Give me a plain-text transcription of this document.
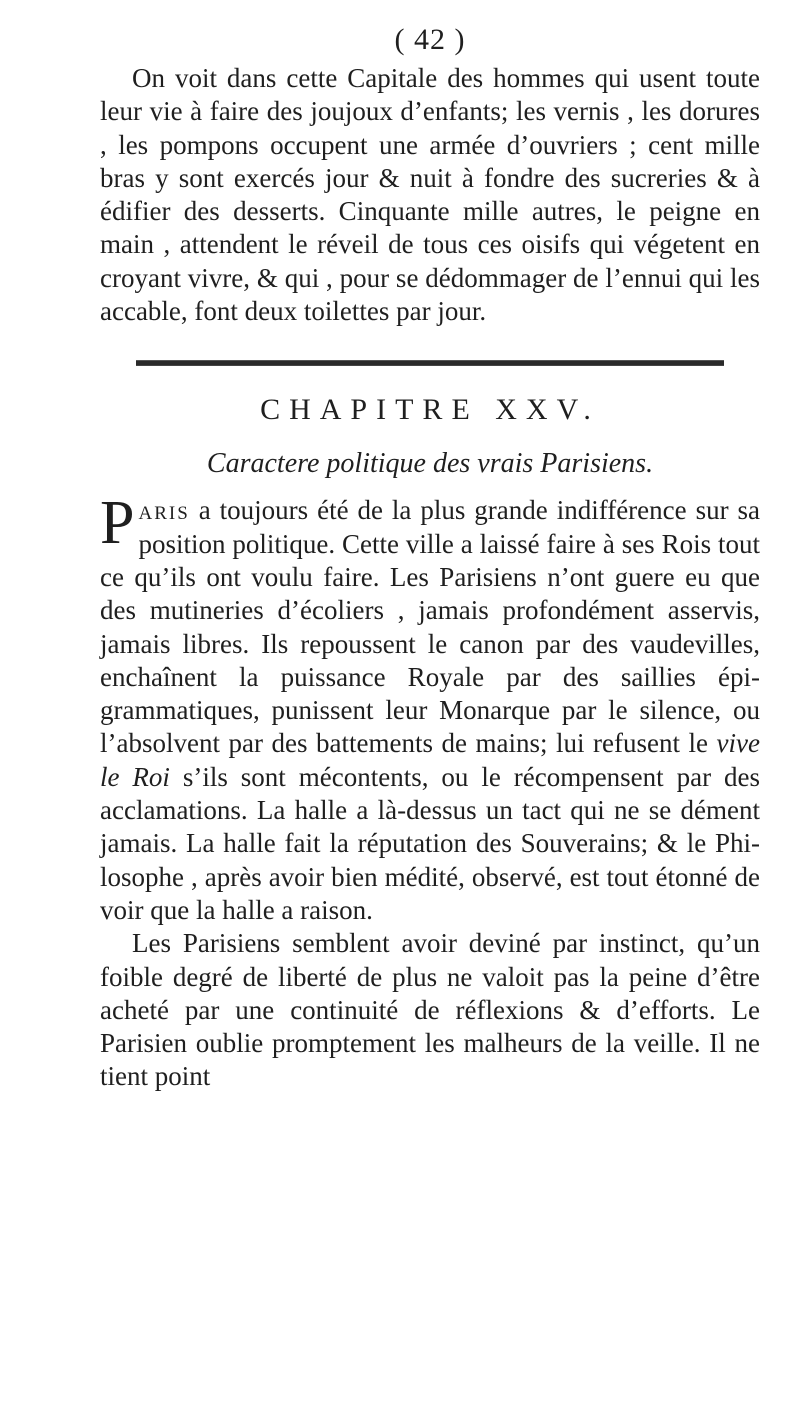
( 42 )

On voit dans cette Capitale des hommes qui usent toute leur vie à faire des joujoux d’enfants; les vernis , les dorures , les pompons occupent une armée d’ouvriers ; cent mille bras y sont exercés jour & nuit à fondre des sucreries & à édifier des desserts. Cinquante mille autres, le peigne en main , attendent le réveil de tous ces oisifs qui végetent en croyant vivre, & qui , pour se dédommager de l’ennui qui les accable, font deux toilettes par jour.

CHAPITRE XXV.
Caractere politique des vrais Parisiens.

Paris a toujours été de la plus grande indifférence sur sa position politique. Cette ville a laissé faire à ses Rois tout ce qu’ils ont voulu faire. Les Parisiens n’ont guere eu que des mutineries d’écoliers , jamais profondément asservis, jamais libres. Ils repoussent le canon par des vaudevilles, enchaînent la puissance Royale par des saillies épigrammatiques, punissent leur Monarque par le silence, ou l’absolvent par des battements de mains; lui refusent le vive le Roi s’ils sont mécontents, ou le récompensent par des acclamations. La halle a là-dessus un tact qui ne se dément jamais. La halle fait la réputation des Souverains; & le Philosophe , après avoir bien médité, observé, est tout étonné de voir que la halle a raison.

Les Parisiens semblent avoir deviné par instinct, qu’un foible degré de liberté de plus ne valoit pas la peine d’être acheté par une continuité de réflexions & d’efforts. Le Parisien oublie promptement les malheurs de la veille. Il ne tient point
